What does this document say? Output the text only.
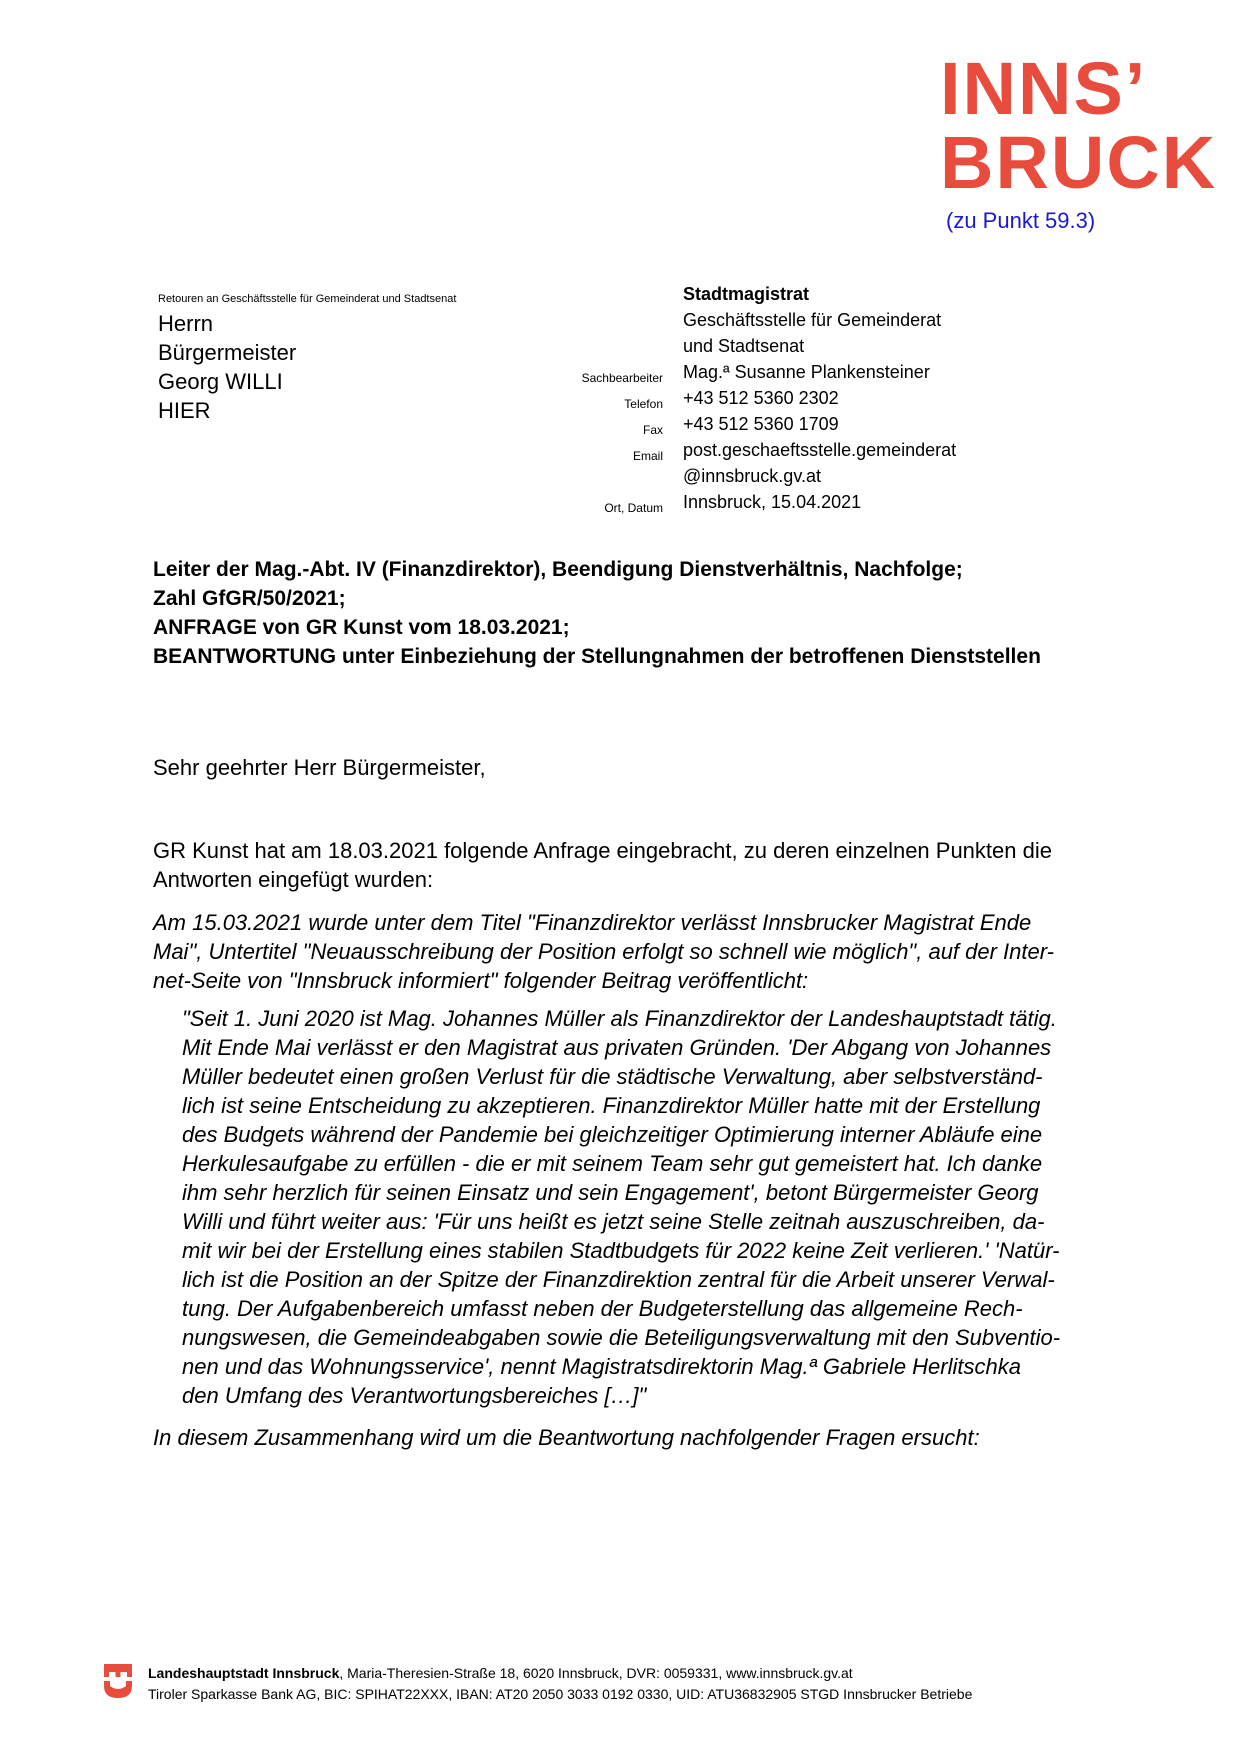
INNS’
BRUCK
(zu Punkt 59.3)
Retouren an Geschäftsstelle für Gemeinderat und Stadtsenat
Herrn
Bürgermeister
Georg WILLI
HIER
Stadtmagistrat
Geschäftsstelle für Gemeinderat
und Stadtsenat
Sachbearbeiter Mag.ª Susanne Plankensteiner
Telefon +43 512 5360 2302
Fax +43 512 5360 1709
Email post.geschaeftsstelle.gemeinderat
@innsbruck.gv.at
Ort, Datum Innsbruck, 15.04.2021
Leiter der Mag.-Abt. IV (Finanzdirektor), Beendigung Dienstverhältnis, Nachfolge;
Zahl GfGR/50/2021;
ANFRAGE von GR Kunst vom 18.03.2021;
BEANTWORTUNG unter Einbeziehung der Stellungnahmen der betroffenen Dienststellen
Sehr geehrter Herr Bürgermeister,
GR Kunst hat am 18.03.2021 folgende Anfrage eingebracht, zu deren einzelnen Punkten die
Antworten eingefügt wurden:
Am 15.03.2021 wurde unter dem Titel "Finanzdirektor verlässt Innsbrucker Magistrat Ende
Mai", Untertitel "Neuausschreibung der Position erfolgt so schnell wie möglich", auf der Inter-
net-Seite von "Innsbruck informiert" folgender Beitrag veröffentlicht:
"Seit 1. Juni 2020 ist Mag. Johannes Müller als Finanzdirektor der Landeshauptstadt tätig.
Mit Ende Mai verlässt er den Magistrat aus privaten Gründen. 'Der Abgang von Johannes
Müller bedeutet einen großen Verlust für die städtische Verwaltung, aber selbstverständ-
lich ist seine Entscheidung zu akzeptieren. Finanzdirektor Müller hatte mit der Erstellung
des Budgets während der Pandemie bei gleichzeitiger Optimierung interner Abläufe eine
Herkulesaufgabe zu erfüllen - die er mit seinem Team sehr gut gemeistert hat. Ich danke
ihm sehr herzlich für seinen Einsatz und sein Engagement', betont Bürgermeister Georg
Willi und führt weiter aus: 'Für uns heißt es jetzt seine Stelle zeitnah auszuschreiben, da-
mit wir bei der Erstellung eines stabilen Stadtbudgets für 2022 keine Zeit verlieren.' 'Natür-
lich ist die Position an der Spitze der Finanzdirektion zentral für die Arbeit unserer Verwal-
tung. Der Aufgabenbereich umfasst neben der Budgeterstellung das allgemeine Rech-
nungswesen, die Gemeindeabgaben sowie die Beteiligungsverwaltung mit den Subventio-
nen und das Wohnungsservice', nennt Magistratsdirektorin Mag.ª Gabriele Herlitschka
den Umfang des Verantwortungsbereiches […]"
In diesem Zusammenhang wird um die Beantwortung nachfolgender Fragen ersucht:
Landeshauptstadt Innsbruck, Maria-Theresien-Straße 18, 6020 Innsbruck, DVR: 0059331, www.innsbruck.gv.at
Tiroler Sparkasse Bank AG, BIC: SPIHAT22XXX, IBAN: AT20 2050 3033 0192 0330, UID: ATU36832905 STGD Innsbrucker Betriebe
